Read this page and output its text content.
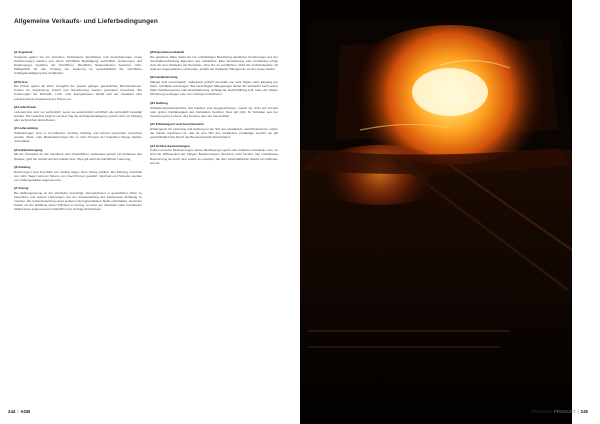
Allgemeine Verkaufs- und Lieferbedingungen
§1 Angebote
Angebote gelten bis zur Annahme freibleibend. Abschlüsse und Vereinbarungen sowie Zusicherungen werden erst durch schriftliche Bestätigung verbindlich. Änderungen und Ergänzungen bedürfen der Schriftform. Mündliche Nebenabreden bestehen nicht. Maßgeblich für den Umfang der Lieferung ist ausschließlich die schriftliche Auftragsbestätigung des Verkäufers.
§2 Preise
Die Preise gelten ab Werk zuzüglich der jeweils gültigen gesetzlichen Mehrwertsteuer. Kosten für Verpackung, Fracht und Versicherung werden gesondert berechnet. Bei Änderungen der Rohstoff-, Lohn- oder Energiekosten behält sich der Verkäufer eine entsprechende Anpassung der Preise vor.
§3 Lieferfristen
Liefertermine sind nur verbindlich, wenn sie ausdrücklich schriftlich als verbindlich bestätigt wurden. Die Lieferfrist beginnt mit dem Tag der Auftragsbestätigung, jedoch nicht vor Klärung aller technischen Einzelheiten.
§4 Lieferumfang
Teillieferungen sind in zumutbarem Umfang zulässig und können gesondert berechnet werden. Mehr- oder Minderlieferungen bis zu zehn Prozent der bestellten Menge bleiben vorbehalten.
§5 Gefahrübergang
Mit der Übergabe an den Spediteur oder Frachtführer, spätestens jedoch mit Verlassen des Werkes, geht die Gefahr auf den Käufer über. Dies gilt auch bei frachtfreier Lieferung.
§6 Zahlung
Rechnungen sind innerhalb von dreißig Tagen ohne Abzug zahlbar. Bei Zahlung innerhalb von zehn Tagen wird ein Skonto von zwei Prozent gewährt. Wechsel und Schecks werden nur erfüllungshalber angenommen.
§7 Verzug
Bei Zahlungsverzug ist der Verkäufer berechtigt, Verzugszinsen in gesetzlicher Höhe zu berechnen und weitere Lieferungen von der Vorauszahlung des Kaufpreises abhängig zu machen. Die Geltendmachung eines weiteren Verzugsschadens bleibt vorbehalten. Gerät der Käufer mit der Erfüllung seiner Pflichten in Verzug, so kann der Verkäufer nach fruchtlosem Ablauf einer angemessenen Nachfrist vom Vertrag zurücktreten.
§8 Eigentumsvorbehalt
Die gelieferte Ware bleibt bis zur vollständigen Bezahlung sämtlicher Forderungen aus der Geschäftsverbindung Eigentum des Verkäufers. Eine Verarbeitung oder Umbildung erfolgt stets für den Verkäufer als Hersteller, ohne ihn zu verpflichten. Wird die Vorbehaltsware mit anderen Gegenständen verbunden, erwirbt der Verkäufer Miteigentum an der neuen Sache.
§9 Gewährleistung
Mängel sind unverzüglich, spätestens jedoch innerhalb von acht Tagen nach Eingang der Ware, schriftlich anzuzeigen. Bei berechtigten Mängelrügen leistet der Verkäufer nach seiner Wahl Nachbesserung oder Ersatzlieferung. Schlägt die Nacherfüllung fehl, kann der Käufer Minderung verlangen oder vom Vertrag zurücktreten.
§10 Haftung
Schadensersatzansprüche des Käufers sind ausgeschlossen, soweit sie nicht auf Vorsatz oder grober Fahrlässigkeit des Verkäufers beruhen. Dies gilt nicht für Schäden aus der Verletzung des Lebens, des Körpers oder der Gesundheit.
§11 Erfüllungsort und Gerichtsstand
Erfüllungsort für Lieferung und Zahlung ist der Sitz des Verkäufers. Gerichtsstand ist, sofern der Käufer Kaufmann ist, das für den Sitz des Verkäufers zuständige Gericht. Es gilt ausschließlich das Recht der Bundesrepublik Deutschland.
§12 Schlussbestimmungen
Sollten einzelne Bestimmungen dieser Bedingungen ganz oder teilweise unwirksam sein, so wird die Wirksamkeit der übrigen Bestimmungen hierdurch nicht berührt. Die unwirksame Bestimmung ist durch eine solche zu ersetzen, die dem wirtschaftlichen Zweck am nächsten kommt.
244 | AGB	PRODUKT PRODUCT | 245
